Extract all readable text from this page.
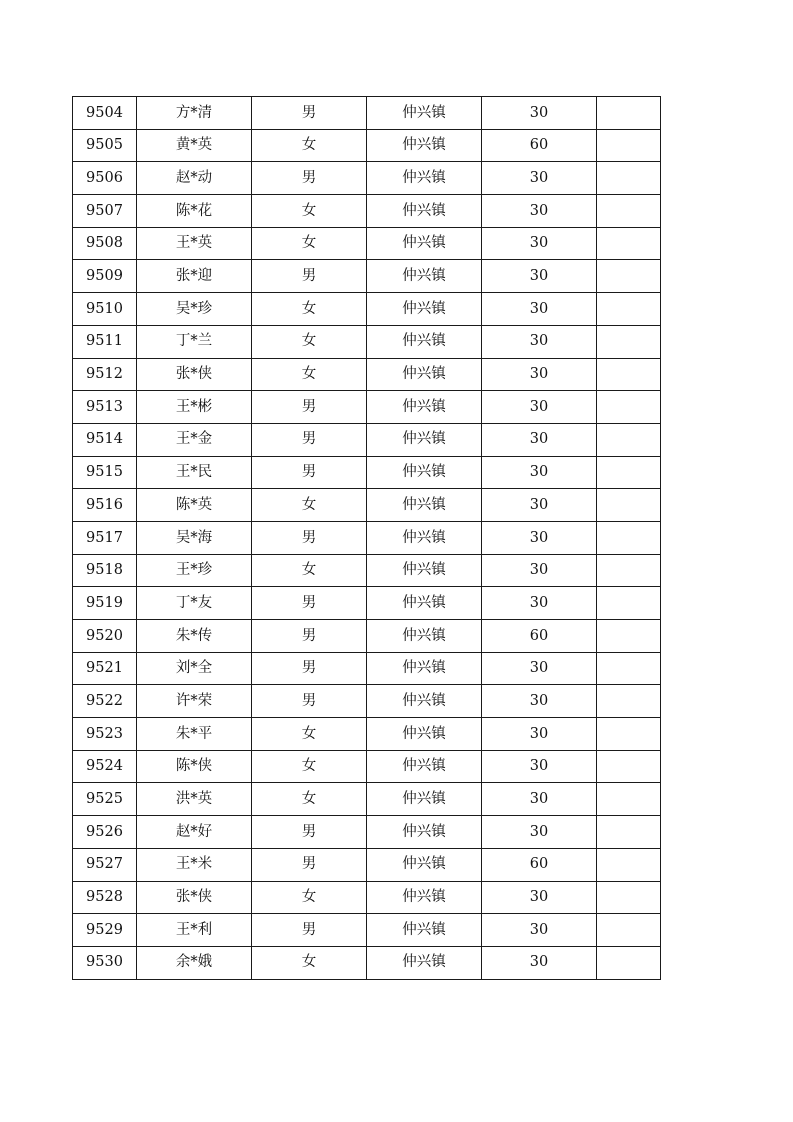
9504	方*清	男	仲兴镇	30	
9505	黄*英	女	仲兴镇	60	
9506	赵*动	男	仲兴镇	30	
9507	陈*花	女	仲兴镇	30	
9508	王*英	女	仲兴镇	30	
9509	张*迎	男	仲兴镇	30	
9510	吴*珍	女	仲兴镇	30	
9511	丁*兰	女	仲兴镇	30	
9512	张*侠	女	仲兴镇	30	
9513	王*彬	男	仲兴镇	30	
9514	王*金	男	仲兴镇	30	
9515	王*民	男	仲兴镇	30	
9516	陈*英	女	仲兴镇	30	
9517	吴*海	男	仲兴镇	30	
9518	王*珍	女	仲兴镇	30	
9519	丁*友	男	仲兴镇	30	
9520	朱*传	男	仲兴镇	60	
9521	刘*全	男	仲兴镇	30	
9522	许*荣	男	仲兴镇	30	
9523	朱*平	女	仲兴镇	30	
9524	陈*侠	女	仲兴镇	30	
9525	洪*英	女	仲兴镇	30	
9526	赵*好	男	仲兴镇	30	
9527	王*米	男	仲兴镇	60	
9528	张*侠	女	仲兴镇	30	
9529	王*利	男	仲兴镇	30	
9530	余*娥	女	仲兴镇	30	
